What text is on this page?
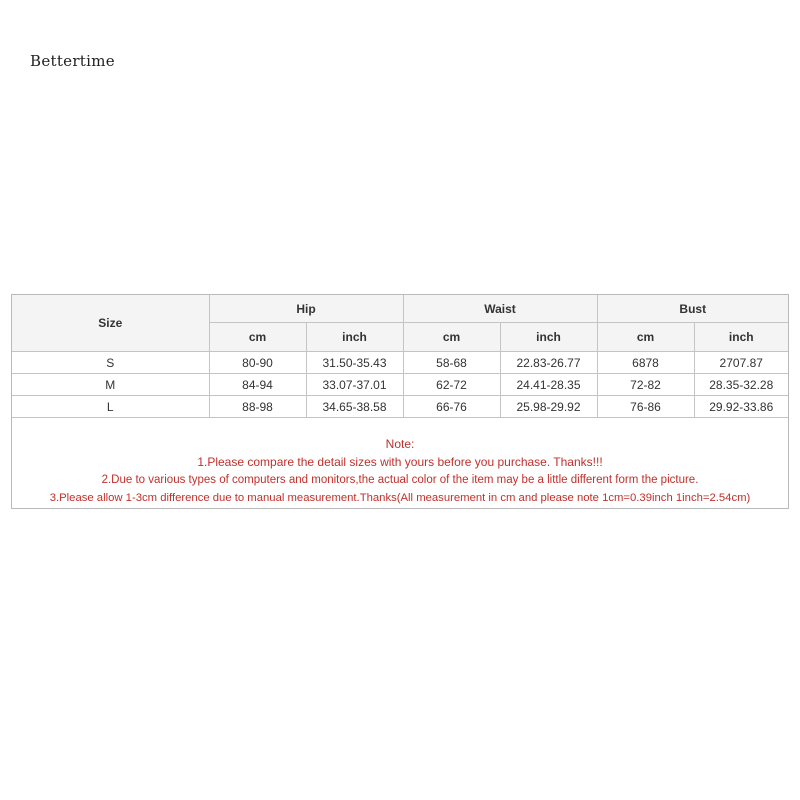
Bettertime
Size	Hip		Waist		Bust	
	cm	inch	cm	inch	cm	inch
S	80-90	31.50-35.43	58-68	22.83-26.77	6878	2707.87
M	84-94	33.07-37.01	62-72	24.41-28.35	72-82	28.35-32.28
L	88-98	34.65-38.58	66-76	25.98-29.92	76-86	29.92-33.86
Note:
1.Please compare the detail sizes with yours before you purchase. Thanks!!!
2.Due to various types of computers and monitors,the actual color of the item may be a little different form the picture.
3.Please allow 1-3cm difference due to manual measurement.Thanks(All measurement in cm and please note 1cm=0.39inch 1inch=2.54cm)
